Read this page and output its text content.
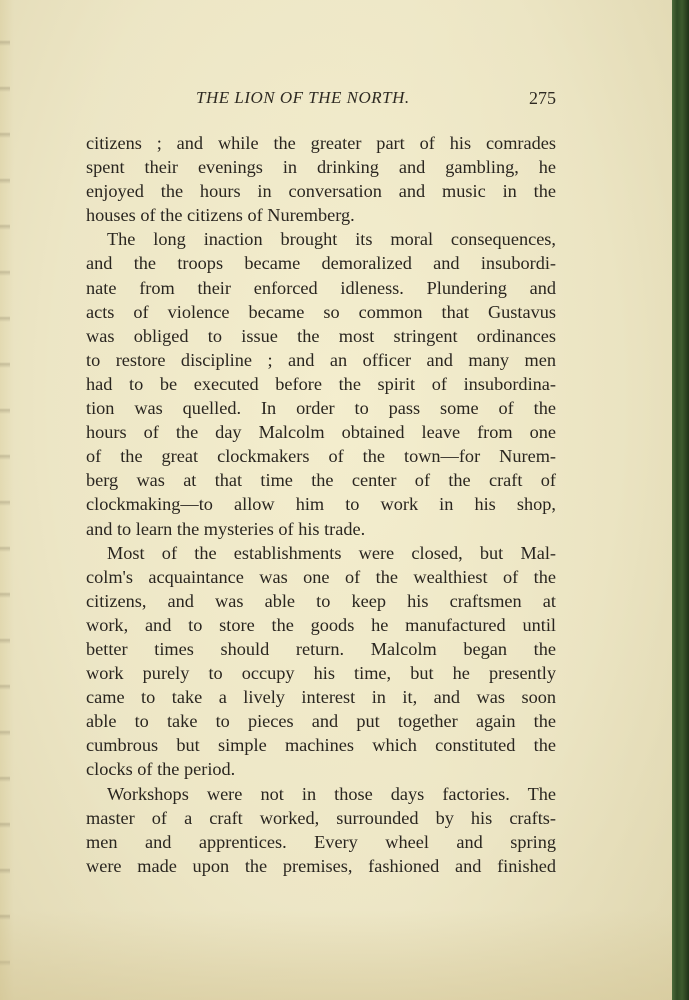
THE LION OF THE NORTH.	275
citizens ; and while the greater part of his comrades
spent their evenings in drinking and gambling, he
enjoyed the hours in conversation and music in the
houses of the citizens of Nuremberg.
The long inaction brought its moral consequences,
and the troops became demoralized and insubordi-
nate from their enforced idleness. Plundering and
acts of violence became so common that Gustavus
was obliged to issue the most stringent ordinances
to restore discipline ; and an officer and many men
had to be executed before the spirit of insubordina-
tion was quelled. In order to pass some of the
hours of the day Malcolm obtained leave from one
of the great clockmakers of the town—for Nurem-
berg was at that time the center of the craft of
clockmaking—to allow him to work in his shop,
and to learn the mysteries of his trade.
Most of the establishments were closed, but Mal-
colm's acquaintance was one of the wealthiest of the
citizens, and was able to keep his craftsmen at
work, and to store the goods he manufactured until
better times should return. Malcolm began the
work purely to occupy his time, but he presently
came to take a lively interest in it, and was soon
able to take to pieces and put together again the
cumbrous but simple machines which constituted the
clocks of the period.
Workshops were not in those days factories. The
master of a craft worked, surrounded by his crafts-
men and apprentices. Every wheel and spring
were made upon the premises, fashioned and finished
